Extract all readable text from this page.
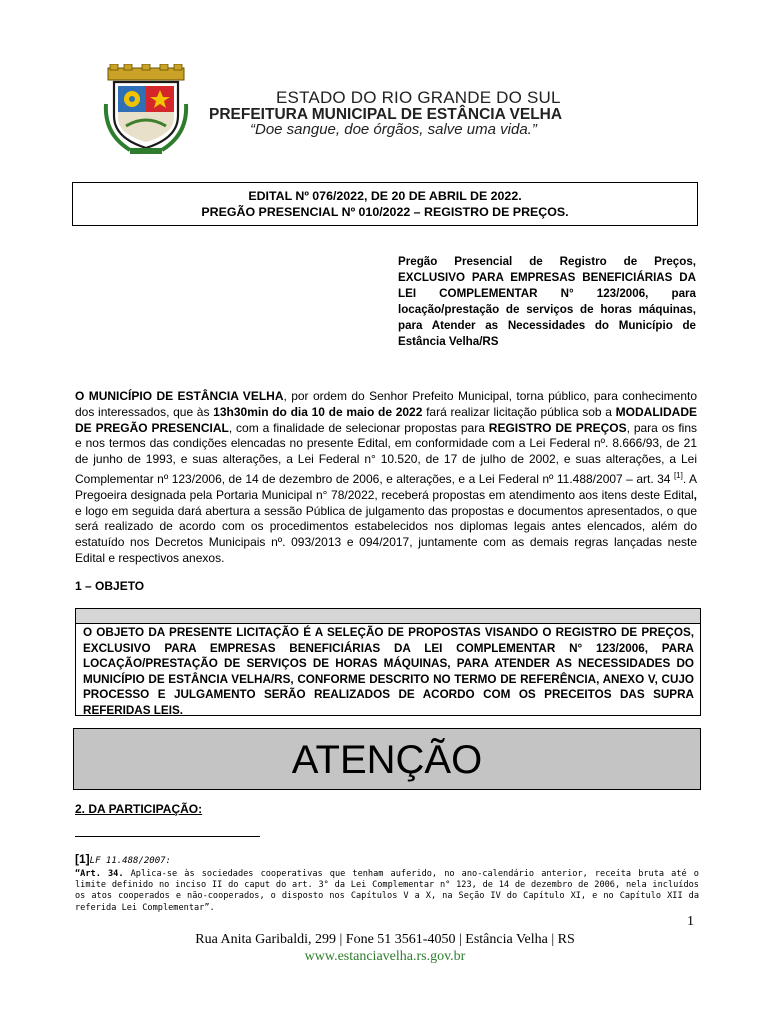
ESTADO DO RIO GRANDE DO SUL
PREFEITURA MUNICIPAL DE ESTÂNCIA VELHA
“Doe sangue, doe órgãos, salve uma vida.”
EDITAL Nº 076/2022, DE 20 DE ABRIL DE 2022.
PREGÃO PRESENCIAL Nº 010/2022 – REGISTRO DE PREÇOS.
Pregão Presencial de Registro de Preços, EXCLUSIVO PARA EMPRESAS BENEFICIÁRIAS DA LEI COMPLEMENTAR N° 123/2006, para locação/prestação de serviços de horas máquinas, para Atender as Necessidades do Município de Estância Velha/RS
O MUNICÍPIO DE ESTÂNCIA VELHA, por ordem do Senhor Prefeito Municipal, torna público, para conhecimento dos interessados, que às 13h30min do dia 10 de maio de 2022 fará realizar licitação pública sob a MODALIDADE DE PREGÃO PRESENCIAL, com a finalidade de selecionar propostas para REGISTRO DE PREÇOS, para os fins e nos termos das condições elencadas no presente Edital, em conformidade com a Lei Federal nº. 8.666/93, de 21 de junho de 1993, e suas alterações, a Lei Federal n° 10.520, de 17 de julho de 2002, e suas alterações, a Lei Complementar nº 123/2006, de 14 de dezembro de 2006, e alterações, e a Lei Federal nº 11.488/2007 – art. 34 [1]. A Pregoeira designada pela Portaria Municipal n° 78/2022, receberá propostas em atendimento aos itens deste Edital, e logo em seguida dará abertura a sessão Pública de julgamento das propostas e documentos apresentados, o que será realizado de acordo com os procedimentos estabelecidos nos diplomas legais antes elencados, além do estatuído nos Decretos Municipais nº. 093/2013 e 094/2017, juntamente com as demais regras lançadas neste Edital e respectivos anexos.
1 – OBJETO
O OBJETO DA PRESENTE LICITAÇÃO É A SELEÇÃO DE PROPOSTAS VISANDO O REGISTRO DE PREÇOS, EXCLUSIVO PARA EMPRESAS BENEFICIÁRIAS DA LEI COMPLEMENTAR N° 123/2006, PARA LOCAÇÃO/PRESTAÇÃO DE SERVIÇOS DE HORAS MÁQUINAS, PARA ATENDER AS NECESSIDADES DO MUNICÍPIO DE ESTÂNCIA VELHA/RS, CONFORME DESCRITO NO TERMO DE REFERÊNCIA, ANEXO V, CUJO PROCESSO E JULGAMENTO SERÃO REALIZADOS DE ACORDO COM OS PRECEITOS DAS SUPRA REFERIDAS LEIS.
ATENÇÃO
2. DA PARTICIPAÇÃO:
[1]LF 11.488/2007:
“Art. 34. Aplica-se às sociedades cooperativas que tenham auferido, no ano-calendário anterior, receita bruta até o limite definido no inciso II do caput do art. 3° da Lei Complementar n° 123, de 14 de dezembro de 2006, nela incluídos os atos cooperados e não-cooperados, o disposto nos Capítulos V a X, na Seção IV do Capítulo XI, e no Capítulo XII da referida Lei Complementar”.
1
Rua Anita Garibaldi, 299 | Fone 51 3561-4050 | Estância Velha | RS
www.estanciavelha.rs.gov.br
